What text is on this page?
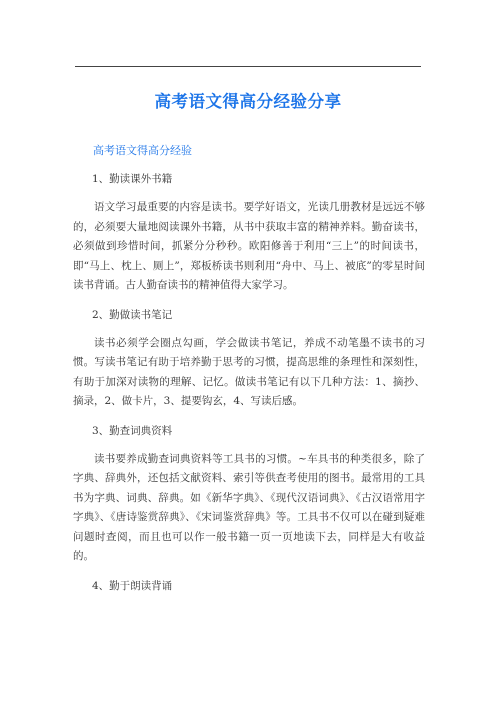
高考语文得高分经验分享

高考语文得高分经验

1、勤读课外书籍

语文学习最重要的内容是读书。要学好语文，光读几册教材是远远不够的，必须要大量地阅读课外书籍，从书中获取丰富的精神养料。勤奋读书，必须做到珍惜时间，抓紧分分秒秒。欧阳修善于利用“三上”的时间读书，即“马上、枕上、厕上”，郑板桥读书则利用“舟中、马上、被底”的零星时间读书背诵。古人勤奋读书的精神值得大家学习。

2、勤做读书笔记

读书必须学会圈点勾画，学会做读书笔记，养成不动笔墨不读书的习惯。写读书笔记有助于培养勤于思考的习惯，提高思维的条理性和深刻性，有助于加深对读物的理解、记忆。做读书笔记有以下几种方法：1、摘抄、摘录，2、做卡片，3、提要钩玄，4、写读后感。

3、勤查词典资料

读书要养成勤查词典资料等工具书的习惯。~车具书的种类很多，除了字典、辞典外，还包括文献资料、索引等供查考使用的图书。最常用的工具书为字典、词典、辞典。如《新华字典》、《现代汉语词典》、《古汉语常用字字典》、《唐诗鉴赏辞典》、《宋词鉴赏辞典》等。工具书不仅可以在碰到疑难问题时查阅，而且也可以作一般书籍一页一页地读下去，同样是大有收益的。

4、勤于朗读背诵
